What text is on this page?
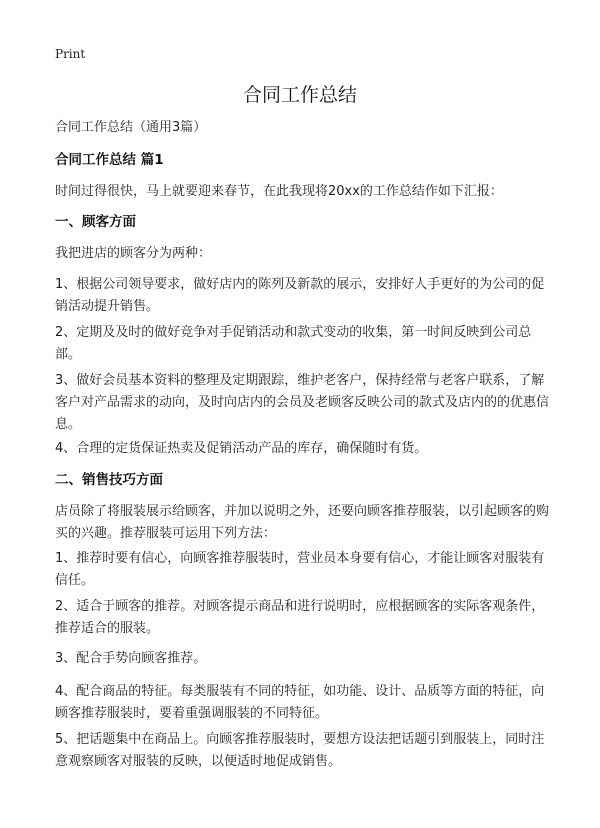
Print
合同工作总结
合同工作总结（通用3篇）
合同工作总结 篇1
时间过得很快，马上就要迎来春节，在此我现将20xx的工作总结作如下汇报：
一、顾客方面
我把进店的顾客分为两种：
1、根据公司领导要求，做好店内的陈列及新款的展示，安排好人手更好的为公司的促销活动提升销售。
2、定期及及时的做好竞争对手促销活动和款式变动的收集，第一时间反映到公司总部。
3、做好会员基本资料的整理及定期跟踪，维护老客户，保持经常与老客户联系，了解客户对产品需求的动向，及时向店内的会员及老顾客反映公司的款式及店内的的优惠信息。
4、合理的定货保证热卖及促销活动产品的库存，确保随时有货。
二、销售技巧方面
店员除了将服装展示给顾客，并加以说明之外，还要向顾客推荐服装，以引起顾客的购买的兴趣。推荐服装可运用下列方法：
1、推荐时要有信心，向顾客推荐服装时，营业员本身要有信心，才能让顾客对服装有信任。
2、适合于顾客的推荐。对顾客提示商品和进行说明时，应根据顾客的实际客观条件，推荐适合的服装。
3、配合手势向顾客推荐。
4、配合商品的特征。每类服装有不同的特征，如功能、设计、品质等方面的特征，向顾客推荐服装时，要着重强调服装的不同特征。
5、把话题集中在商品上。向顾客推荐服装时，要想方设法把话题引到服装上，同时注意观察顾客对服装的反映，以便适时地促成销售。
